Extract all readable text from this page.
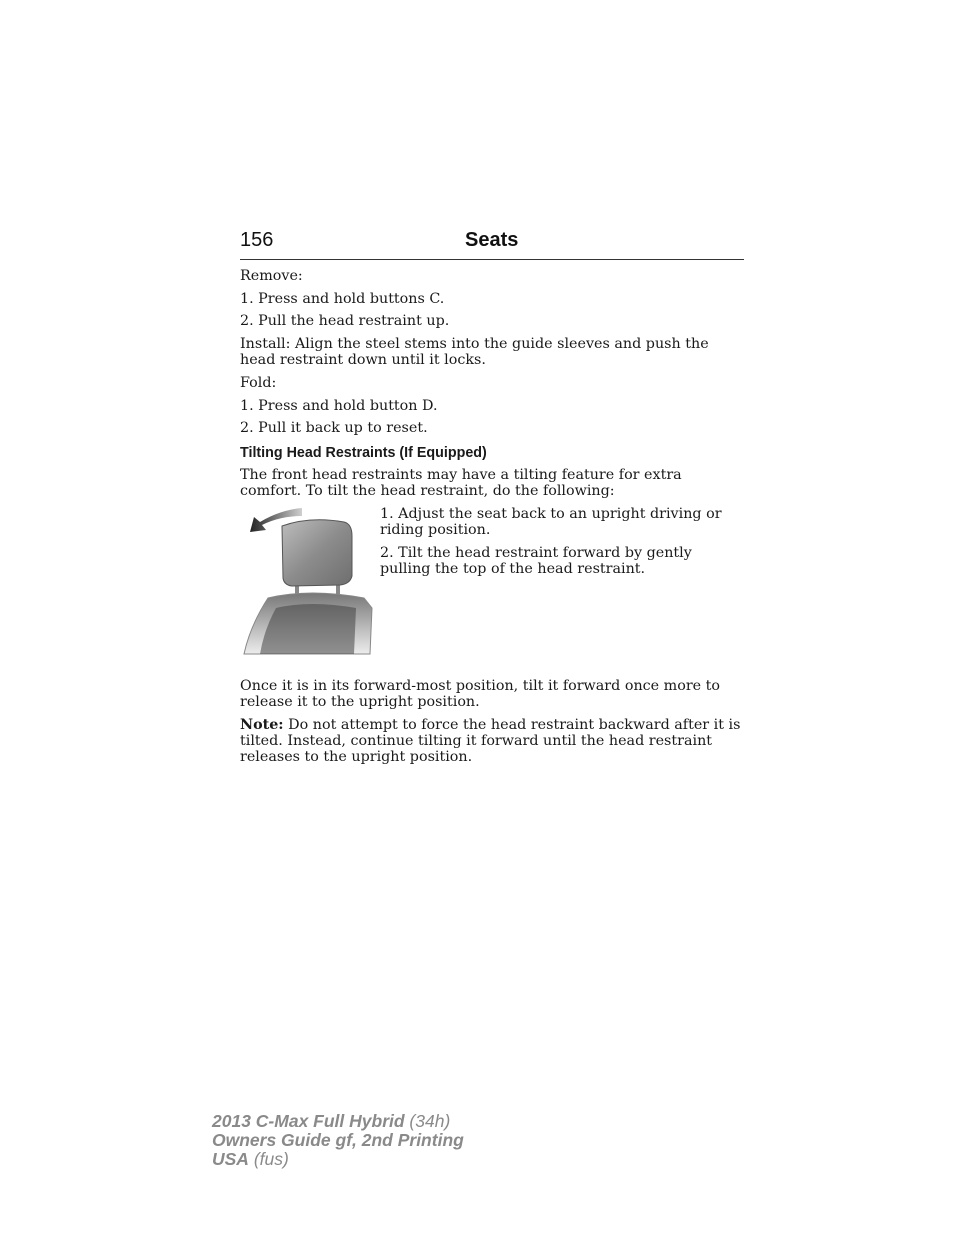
156	Seats

Remove:

1. Press and hold buttons C.

2. Pull the head restraint up.

Install: Align the steel stems into the guide sleeves and push the head restraint down until it locks.

Fold:

1. Press and hold button D.

2. Pull it back up to reset.

Tilting Head Restraints (If Equipped)

The front head restraints may have a tilting feature for extra comfort. To tilt the head restraint, do the following:

1. Adjust the seat back to an upright driving or riding position.

2. Tilt the head restraint forward by gently pulling the top of the head restraint.

Once it is in its forward-most position, tilt it forward once more to release it to the upright position.

Note: Do not attempt to force the head restraint backward after it is tilted. Instead, continue tilting it forward until the head restraint releases to the upright position.

2013 C-Max Full Hybrid (34h)
Owners Guide gf, 2nd Printing
USA (fus)
